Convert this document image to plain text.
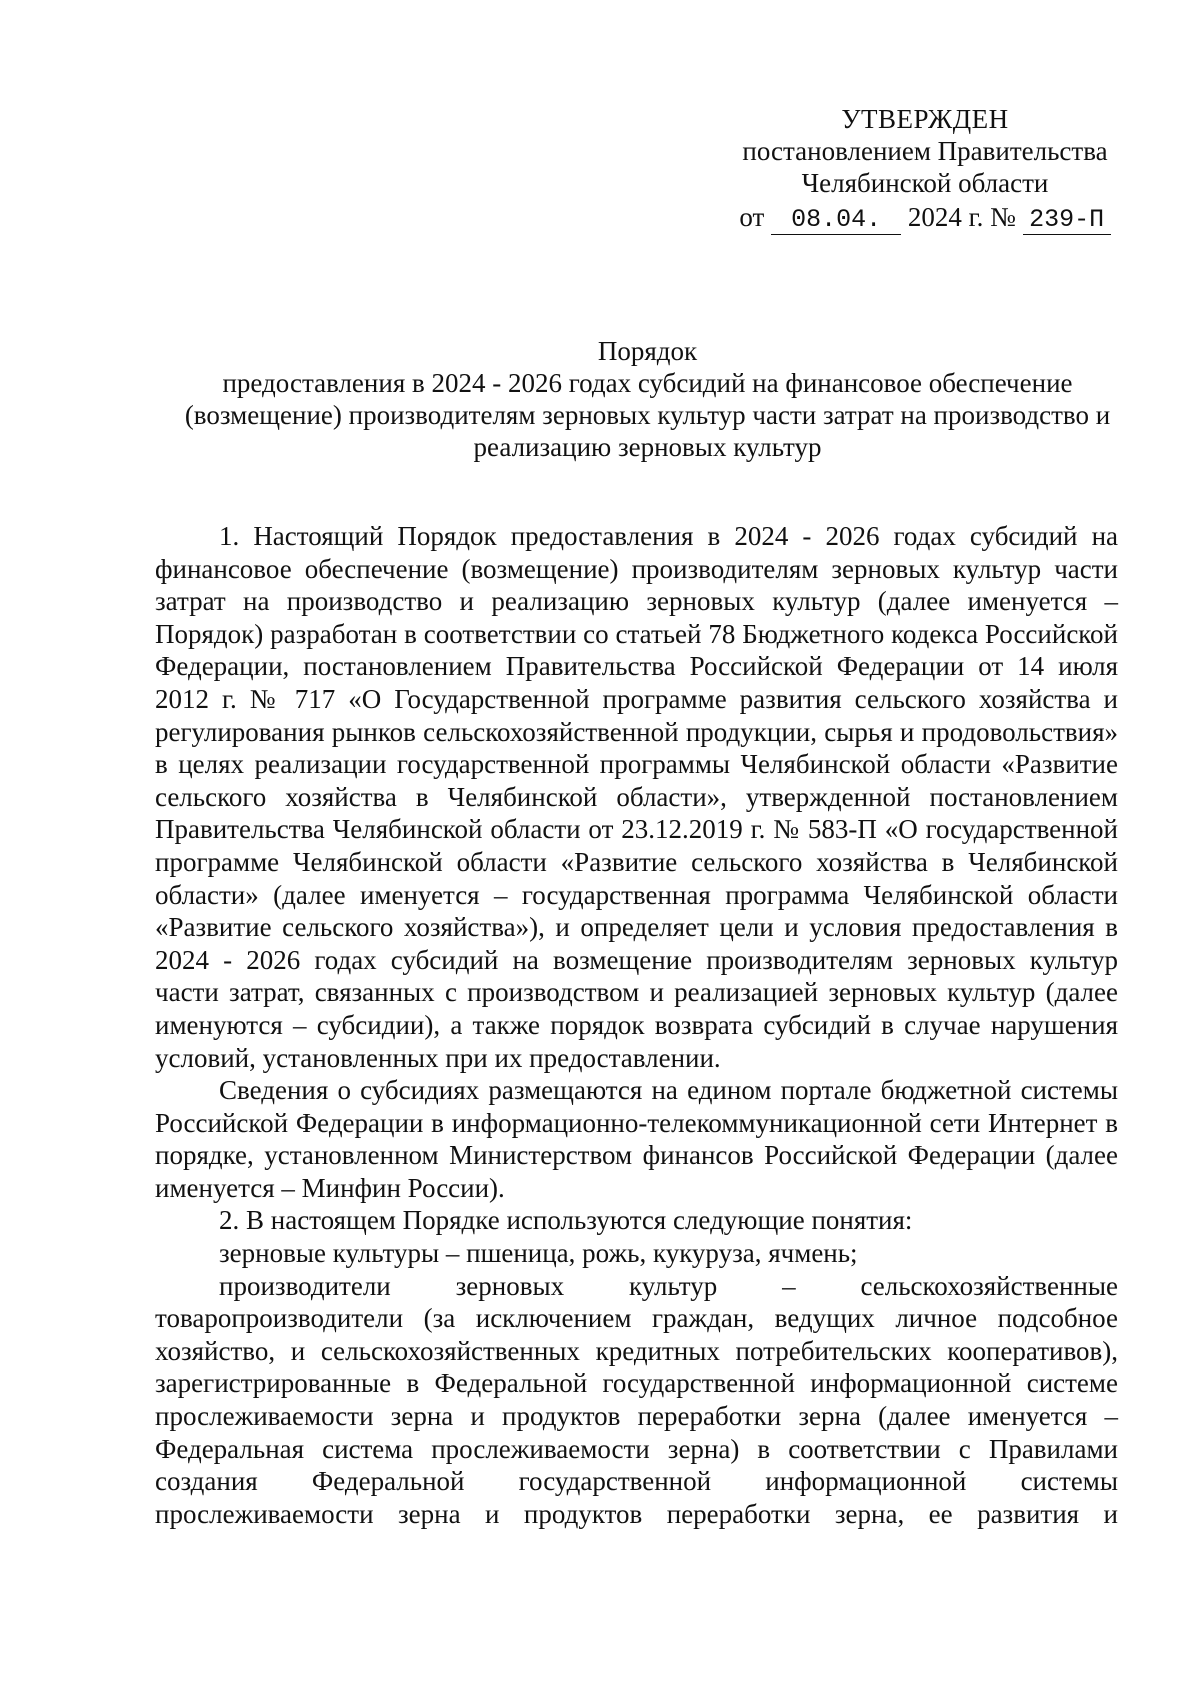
УТВЕРЖДЕН
постановлением Правительства
Челябинской области
от 08.04. 2024 г. № 239-П
Порядок
предоставления в 2024 - 2026 годах субсидий на финансовое обеспечение (возмещение) производителям зерновых культур части затрат на производство и реализацию зерновых культур

1. Настоящий Порядок предоставления в 2024 - 2026 годах субсидий на финансовое обеспечение (возмещение) производителям зерновых культур части затрат на производство и реализацию зерновых культур (далее именуется – Порядок) разработан в соответствии со статьей 78 Бюджетного кодекса Российской Федерации, постановлением Правительства Российской Федерации от 14 июля 2012 г. № 717 «О Государственной программе развития сельского хозяйства и регулирования рынков сельскохозяйственной продукции, сырья и продовольствия» в целях реализации государственной программы Челябинской области «Развитие сельского хозяйства в Челябинской области», утвержденной постановлением Правительства Челябинской области от 23.12.2019 г. № 583-П «О государственной программе Челябинской области «Развитие сельского хозяйства в Челябинской области» (далее именуется – государственная программа Челябинской области «Развитие сельского хозяйства»), и определяет цели и условия предоставления в 2024 - 2026 годах субсидий на возмещение производителям зерновых культур части затрат, связанных с производством и реализацией зерновых культур (далее именуются – субсидии), а также порядок возврата субсидий в случае нарушения условий, установленных при их предоставлении.

Сведения о субсидиях размещаются на едином портале бюджетной системы Российской Федерации в информационно-телекоммуникационной сети Интернет в порядке, установленном Министерством финансов Российской Федерации (далее именуется – Минфин России).

2. В настоящем Порядке используются следующие понятия:

зерновые культуры – пшеница, рожь, кукуруза, ячмень;

производители зерновых культур – сельскохозяйственные товаропроизводители (за исключением граждан, ведущих личное подсобное хозяйство, и сельскохозяйственных кредитных потребительских кооперативов), зарегистрированные в Федеральной государственной информационной системе прослеживаемости зерна и продуктов переработки зерна (далее именуется – Федеральная система прослеживаемости зерна) в соответствии с Правилами создания Федеральной государственной информационной системы прослеживаемости зерна и продуктов переработки зерна, ее развития и
